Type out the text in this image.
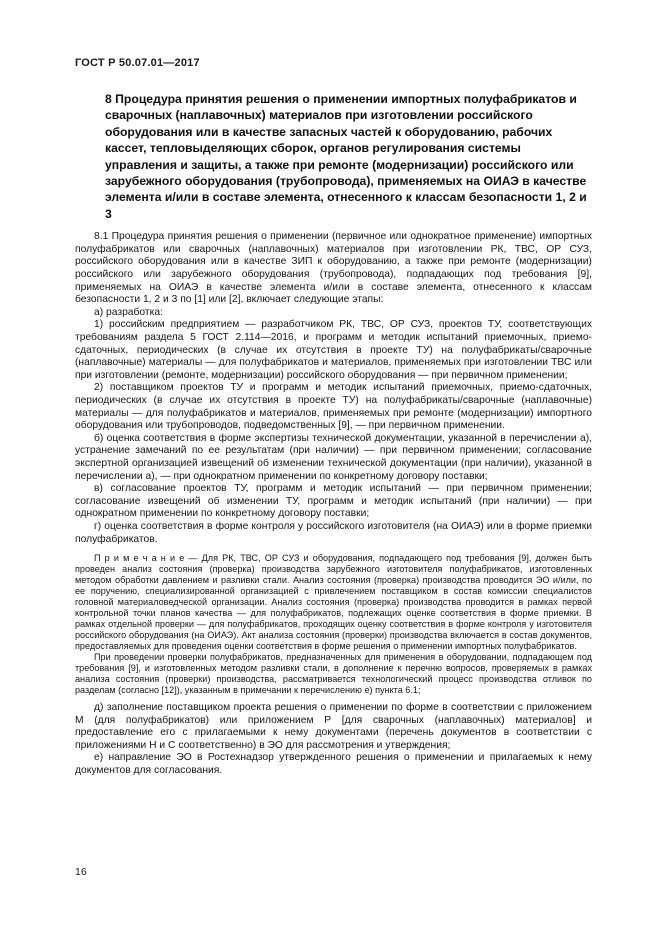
ГОСТ Р 50.07.01—2017
8 Процедура принятия решения о применении импортных полуфабрикатов и сварочных (наплавочных) материалов при изготовлении российского оборудования или в качестве запасных частей к оборудованию, рабочих кассет, тепловыделяющих сборок, органов регулирования системы управления и защиты, а также при ремонте (модернизации) российского или зарубежного оборудования (трубопровода), применяемых на ОИАЭ в качестве элемента и/или в составе элемента, отнесенного к классам безопасности 1, 2 и 3

8.1 Процедура принятия решения о применении (первичное или однократное применение) импортных полуфабрикатов или сварочных (наплавочных) материалов при изготовлении РК, ТВС, ОР СУЗ, российского оборудования или в качестве ЗИП к оборудованию, а также при ремонте (модернизации) российского или зарубежного оборудования (трубопровода), подпадающих под требования [9], применяемых на ОИАЭ в качестве элемента и/или в составе элемента, отнесенного к классам безопасности 1, 2 и 3 по [1] или [2], включает следующие этапы:

а) разработка:

1) российским предприятием — разработчиком РК, ТВС, ОР СУЗ, проектов ТУ, соответствующих требованиям раздела 5 ГОСТ 2.114—2016, и программ и методик испытаний приемочных, приемо-сдаточных, периодических (в случае их отсутствия в проекте ТУ) на полуфабрикаты/сварочные (наплавочные) материалы — для полуфабрикатов и материалов, применяемых при изготовлении ТВС или при изготовлении (ремонте, модернизации) российского оборудования — при первичном применении;

2) поставщиком проектов ТУ и программ и методик испытаний приемочных, приемо-сдаточных, периодических (в случае их отсутствия в проекте ТУ) на полуфабрикаты/сварочные (наплавочные) материалы — для полуфабрикатов и материалов, применяемых при ремонте (модернизации) импортного оборудования или трубопроводов, подведомственных [9], — при первичном применении.

б) оценка соответствия в форме экспертизы технической документации, указанной в перечислении а), устранение замечаний по ее результатам (при наличии) — при первичном применении; согласование экспертной организацией извещений об изменении технической документации (при наличии), указанной в перечислении а), — при однократном применении по конкретному договору поставки;

в) согласование проектов ТУ, программ и методик испытаний — при первичном применении; согласование извещений об изменении ТУ, программ и методик испытаний (при наличии) — при однократном применении по конкретному договору поставки;

г) оценка соответствия в форме контроля у российского изготовителя (на ОИАЭ) или в форме приемки полуфабрикатов.

П р и м е ч а н и е — Для РК, ТВС, ОР СУЗ и оборудования, подпадающего под требования [9], должен быть проведен анализ состояния (проверка) производства зарубежного изготовителя полуфабрикатов, изготовленных методом обработки давлением и разливки стали. Анализ состояния (проверка) производства проводится ЭО и/или, по ее поручению, специализированной организацией с привлечением поставщиком в состав комиссии специалистов головной материаловедческой организации. Анализ состояния (проверка) производства проводится в рамках первой контрольной точки планов качества — для полуфабрикатов, подлежащих оценке соответствия в форме приемки. В рамках отдельной проверки — для полуфабрикатов, проходящих оценку соответствия в форме контроля у изготовителя российского оборудования (на ОИАЭ). Акт анализа состояния (проверки) производства включается в состав документов, предоставляемых для проведения оценки соответствия в форме решения о применении импортных полуфабрикатов.

При проведении проверки полуфабрикатов, предназначенных для применения в оборудовании, подпадающем под требования [9], и изготовленных методом разливки стали, в дополнение к перечню вопросов, проверяемых в рамках анализа состояния (проверки) производства, рассматривается технологический процесс производства отливок по разделам (согласно [12]), указанным в примечании к перечислению е) пункта 6.1;

д) заполнение поставщиком проекта решения о применении по форме в соответствии с приложением М (для полуфабрикатов) или приложением Р [для сварочных (наплавочных) материалов] и предоставление его с прилагаемыми к нему документами (перечень документов в соответствии с приложениями Н и С соответственно) в ЭО для рассмотрения и утверждения;

е) направление ЭО в Ростехнадзор утвержденного решения о применении и прилагаемых к нему документов для согласования.

16
